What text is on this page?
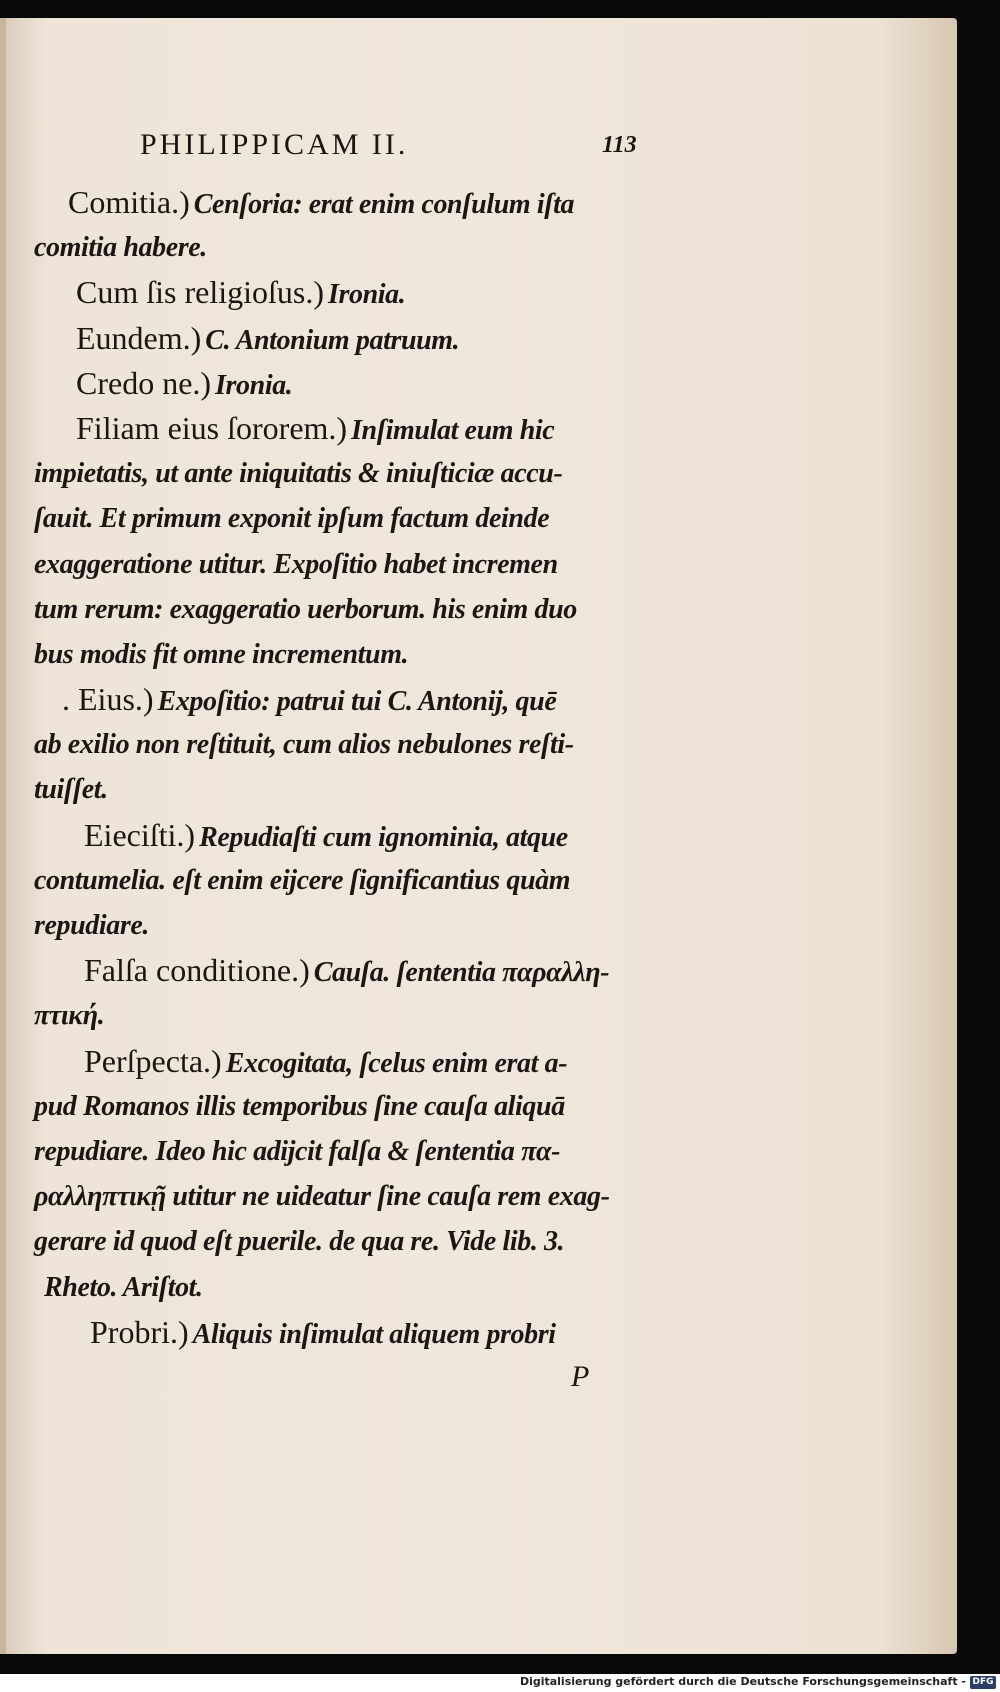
PHILIPPICAM II.	113
Comitia.) Cenſoria: erat enim conſulum iſta
comitia habere.
Cum ſis religioſus.) Ironia.
Eundem.) C. Antonium patruum.
Credo ne.) Ironia.
Filiam eius ſororem.) Inſimulat eum hic
impietatis, ut ante iniquitatis & iniuſticiæ accu-
ſauit. Et primum exponit ipſum factum deinde
exaggeratione utitur. Expoſitio habet incremen
tum rerum: exaggeratio uerborum. his enim duo
bus modis fit omne incrementum.
. Eius.) Expoſitio: patrui tui C. Antonij, quē
ab exilio non reſtituit, cum alios nebulones reſti-
tuiſſet.
Eieciſti.) Repudiaſti cum ignominia, atque
contumelia. eſt enim eijcere ſignificantius quàm
repudiare.
Falſa conditione.) Cauſa. ſententia παραλλη-
πτική.
Perſpecta.) Excogitata, ſcelus enim erat a-
pud Romanos illis temporibus ſine cauſa aliquā
repudiare. Ideo hic adijcit falſa & ſententia πα-
ραλληπτικῇ utitur ne uideatur ſine cauſa rem exag-
gerare id quod eſt puerile. de qua re. Vide lib. 3.
Rheto. Ariſtot.
Probri.) Aliquis inſimulat aliquem probri
P
Digitalisierung gefördert durch die Deutsche Forschungsgemeinschaft - DFG
